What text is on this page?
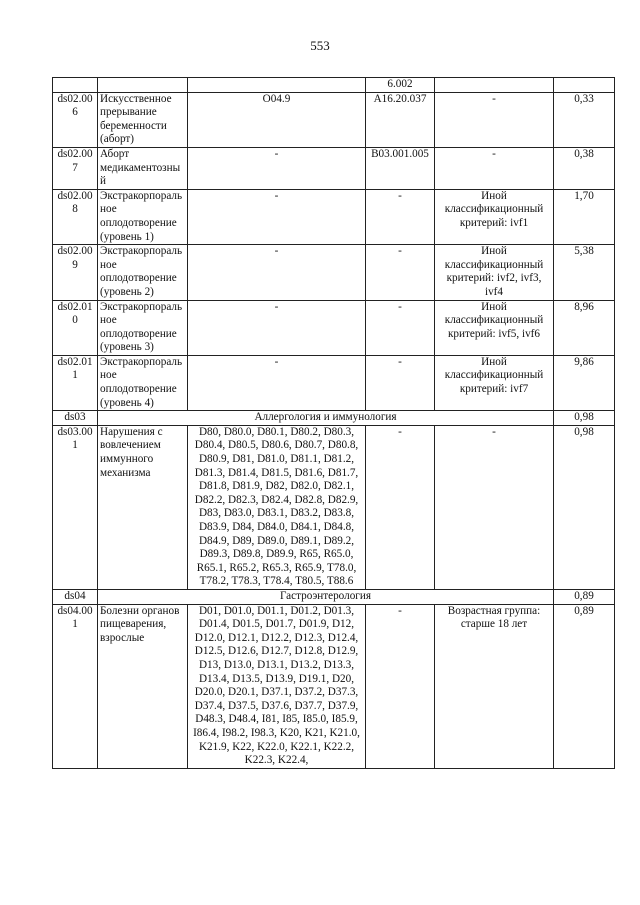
553
			6.002		
ds02.006	Искусственное прерывание беременности (аборт)	O04.9	A16.20.037	-	0,33
ds02.007	Аборт медикаментозный	-	B03.001.005	-	0,38
ds02.008	Экстракорпоральное оплодотворение (уровень 1)	-	-	Иной классификационный критерий: ivf1	1,70
ds02.009	Экстракорпоральное оплодотворение (уровень 2)	-	-	Иной классификационный критерий: ivf2, ivf3, ivf4	5,38
ds02.010	Экстракорпоральное оплодотворение (уровень 3)	-	-	Иной классификационный критерий: ivf5, ivf6	8,96
ds02.011	Экстракорпоральное оплодотворение (уровень 4)	-	-	Иной классификационный критерий: ivf7	9,86
ds03	Аллергология и иммунология				0,98
ds03.001	Нарушения с вовлечением иммунного механизма	D80, D80.0, D80.1, D80.2, D80.3, D80.4, D80.5, D80.6, D80.7, D80.8, D80.9, D81, D81.0, D81.1, D81.2, D81.3, D81.4, D81.5, D81.6, D81.7, D81.8, D81.9, D82, D82.0, D82.1, D82.2, D82.3, D82.4, D82.8, D82.9, D83, D83.0, D83.1, D83.2, D83.8, D83.9, D84, D84.0, D84.1, D84.8, D84.9, D89, D89.0, D89.1, D89.2, D89.3, D89.8, D89.9, R65, R65.0, R65.1, R65.2, R65.3, R65.9, T78.0, T78.2, T78.3, T78.4, T80.5, T88.6	-	-	0,98
ds04	Гастроэнтерология				0,89
ds04.001	Болезни органов пищеварения, взрослые	D01, D01.0, D01.1, D01.2, D01.3, D01.4, D01.5, D01.7, D01.9, D12, D12.0, D12.1, D12.2, D12.3, D12.4, D12.5, D12.6, D12.7, D12.8, D12.9, D13, D13.0, D13.1, D13.2, D13.3, D13.4, D13.5, D13.9, D19.1, D20, D20.0, D20.1, D37.1, D37.2, D37.3, D37.4, D37.5, D37.6, D37.7, D37.9, D48.3, D48.4, I81, I85, I85.0, I85.9, I86.4, I98.2, I98.3, K20, K21, K21.0, K21.9, K22, K22.0, K22.1, K22.2, K22.3, K22.4,	-	Возрастная группа: старше 18 лет	0,89
